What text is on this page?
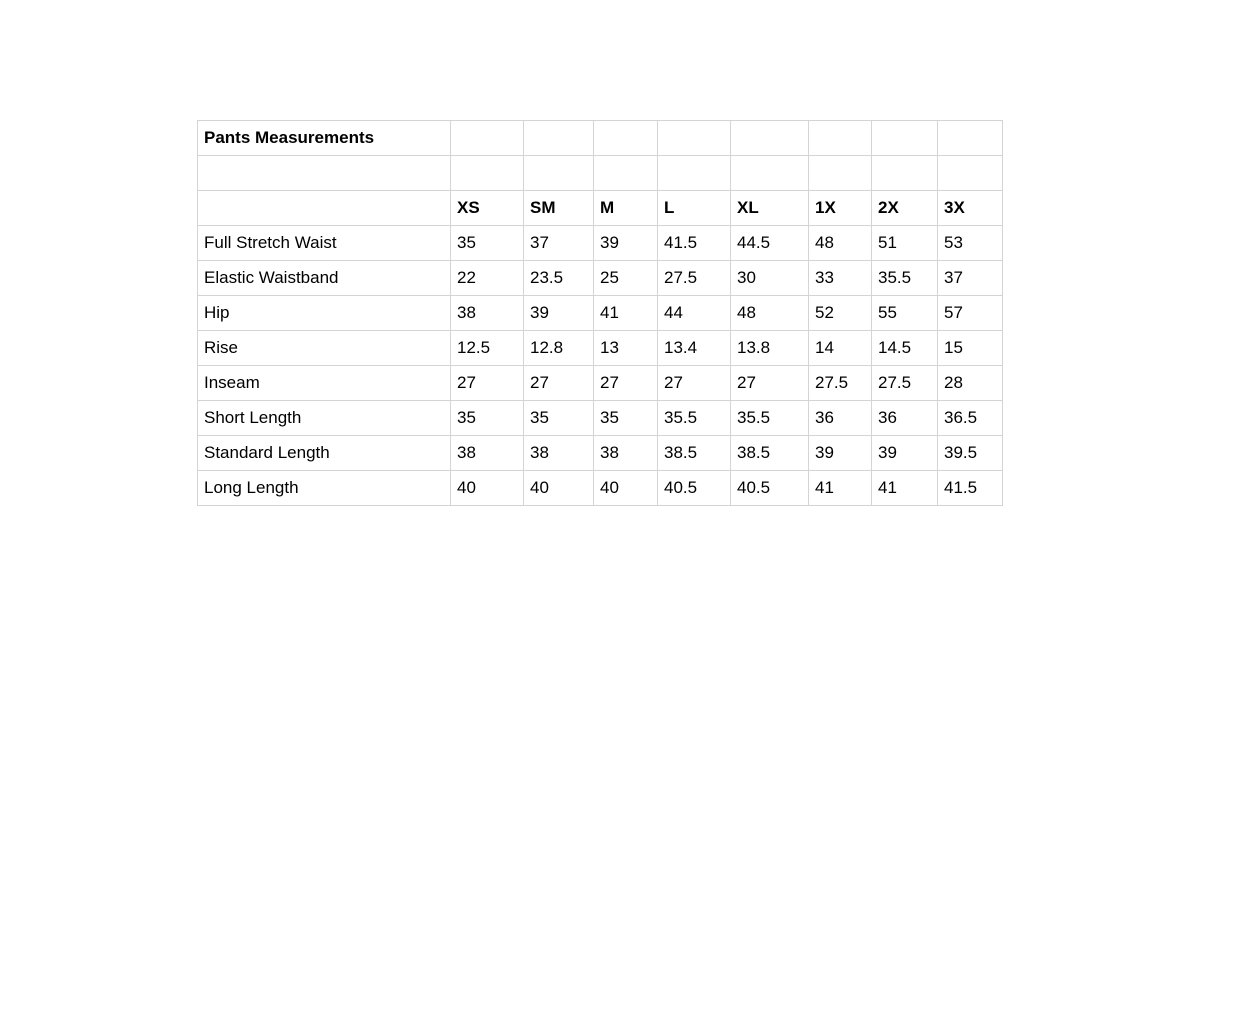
Pants Measurements								

	XS	SM	M	L	XL	1X	2X	3X
Full Stretch Waist	35	37	39	41.5	44.5	48	51	53
Elastic Waistband	22	23.5	25	27.5	30	33	35.5	37
Hip	38	39	41	44	48	52	55	57
Rise	12.5	12.8	13	13.4	13.8	14	14.5	15
Inseam	27	27	27	27	27	27.5	27.5	28
Short Length	35	35	35	35.5	35.5	36	36	36.5
Standard Length	38	38	38	38.5	38.5	39	39	39.5
Long Length	40	40	40	40.5	40.5	41	41	41.5
